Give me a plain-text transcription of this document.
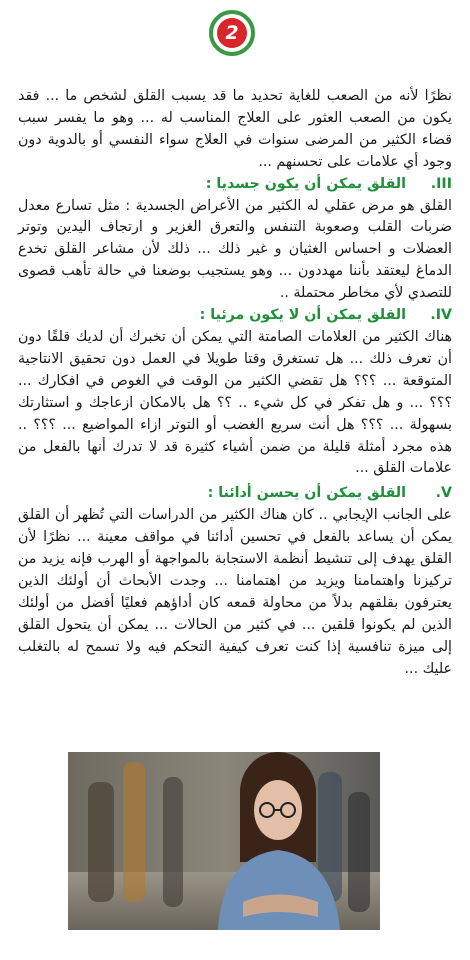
2

نظرًا لأنه من الصعب للغاية تحديد ما قد يسبب القلق لشخص ما ... فقد يكون من الصعب العثور على العلاج المناسب له ... وهو ما يفسر سبب قضاء الكثير من المرضى سنوات في العلاج سواء النفسي أو بالدوية دون وجود أي علامات على تحسنهم ...

III.
القلق يمكن أن يكون جسديا :

القلق هو مرض عقلي له الكثير من الأعراض الجسدية : مثل تسارع معدل ضربات القلب وصعوبة التنفس والتعرق الغزير و ارتجاف اليدين وتوتر العضلات و احساس الغثيان و غير ذلك ... ذلك لأن مشاعر القلق تخدع الدماغ ليعتقد بأننا مهددون ... وهو يستجيب بوضعنا في حالة تأهب قصوى للتصدي لأي مخاطر محتملة ..

IV.
القلق يمكن أن لا يكون مرئيا :

هناك الكثير من العلامات الصامتة التي يمكن أن تخبرك أن لديك قلقًا دون أن تعرف ذلك ... هل تستغرق وقتا طويلا في العمل دون تحقيق الانتاجية المتوقعة ... ؟؟؟ هل تقضي الكثير من الوقت في الغوص في افكارك ... ؟؟؟ ... و هل تفكر في كل شيء .. ؟؟ هل بالامكان ازعاجك و استثارتك بسهولة ... ؟؟؟ هل أنت سريع الغضب أو التوتر ازاء المواضيع ... ؟؟؟ .. هذه مجرد أمثلة قليلة من ضمن أشياء كثيرة قد لا تدرك أنها بالفعل من علامات القلق ...

V.
القلق يمكن أن يحسن أدائنا :

على الجانب الإيجابي .. كان هناك الكثير من الدراسات التي تُظهر أن القلق يمكن أن يساعد بالفعل في تحسين أدائنا في مواقف معينة ... نظرًا لأن القلق يهدف إلى تنشيط أنظمة الاستجابة بالمواجهة أو الهرب فإنه يزيد من تركيزنا واهتمامنا ويزيد من اهتمامنا ... وجدت الأبحاث أن أولئك الذين يعترفون بقلقهم بدلاً من محاولة قمعه كان أداؤهم فعليًا أفضل من أولئك الذين لم يكونوا قلقين ... في كثير من الحالات ... يمكن أن يتحول القلق إلى ميزة تنافسية إذا كنت تعرف كيفية التحكم فيه ولا تسمح له بالتغلب عليك ...
